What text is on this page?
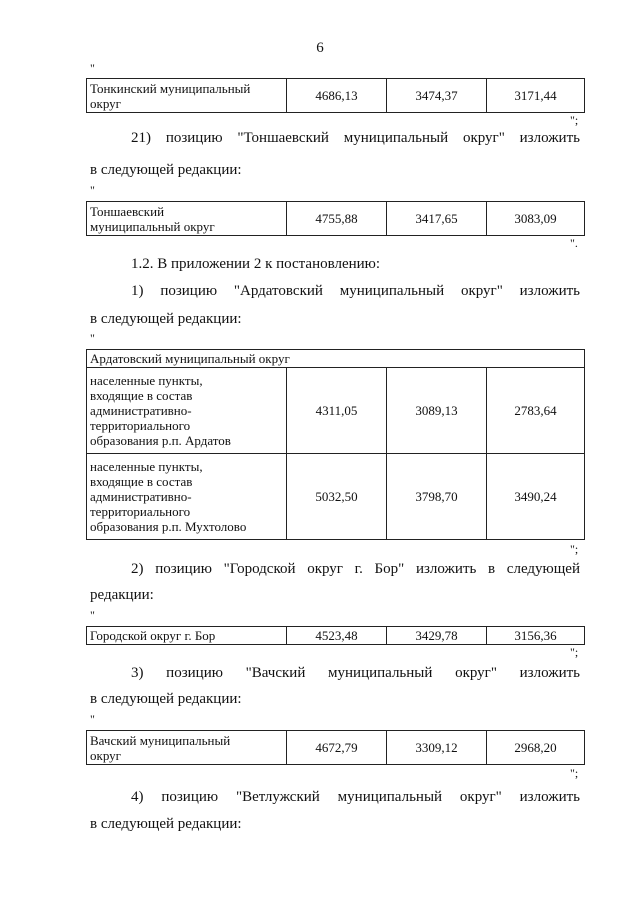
6
"
Тонкинский муниципальный
округ	4686,13	3474,37	3171,44
";
21) позицию "Тоншаевский муниципальный округ" изложить
в следующей редакции:
"
Тоншаевский
муниципальный округ	4755,88	3417,65	3083,09
".
1.2. В приложении 2 к постановлению:
1) позицию "Ардатовский муниципальный округ" изложить
в следующей редакции:
"
Ардатовский муниципальный округ			
населенные пункты,
входящие в состав
административно-
территориального
образования р.п. Ардатов	4311,05	3089,13	2783,64
населенные пункты,
входящие в состав
административно-
территориального
образования р.п. Мухтолово	5032,50	3798,70	3490,24
";
2) позицию "Городской округ г. Бор" изложить в следующей
редакции:
"
Городской округ г. Бор	4523,48	3429,78	3156,36
";
3) позицию "Вачский муниципальный округ" изложить
в следующей редакции:
"
Вачский муниципальный
округ	4672,79	3309,12	2968,20
";
4) позицию "Ветлужский муниципальный округ" изложить
в следующей редакции:
